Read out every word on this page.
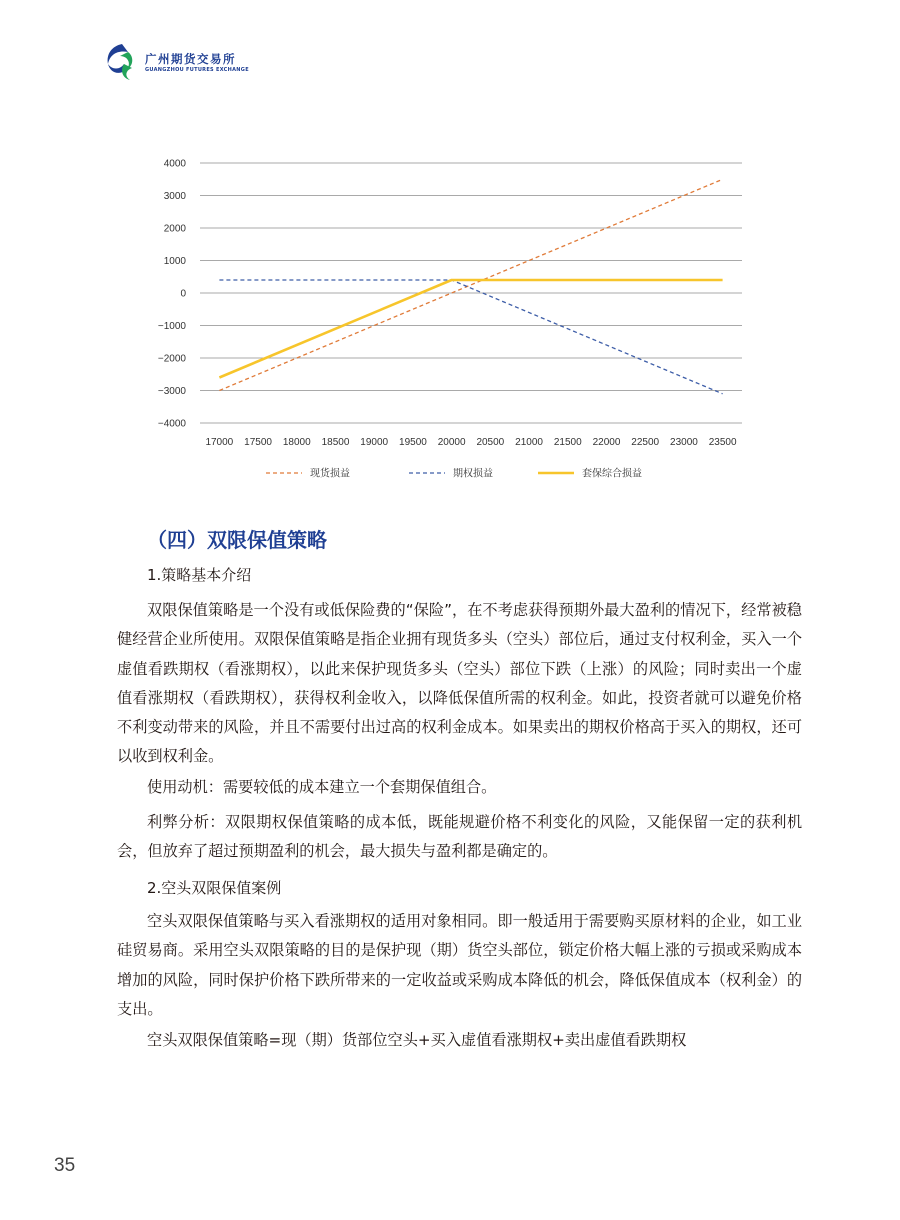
广州期货交易所
GUANGZHOU FUTURES EXCHANGE
4000
3000
2000
1000
0
−1000
−2000
−3000
−4000
17000 17500 18000 18500 19000 19500 20000 20500 21000 21500 22000 22500 23000 23500
现货损益	期权损益	套保综合损益
（四）双限保值策略

1.策略基本介绍

双限保值策略是一个没有或低保险费的“保险”，在不考虑获得预期外最大盈利的情况下，经常被稳健经营企业所使用。双限保值策略是指企业拥有现货多头（空头）部位后，通过支付权利金，买入一个虚值看跌期权（看涨期权），以此来保护现货多头（空头）部位下跌（上涨）的风险；同时卖出一个虚值看涨期权（看跌期权），获得权利金收入，以降低保值所需的权利金。如此，投资者就可以避免价格不利变动带来的风险，并且不需要付出过高的权利金成本。如果卖出的期权价格高于买入的期权，还可以收到权利金。

使用动机：需要较低的成本建立一个套期保值组合。

利弊分析：双限期权保值策略的成本低，既能规避价格不利变化的风险，又能保留一定的获利机会，但放弃了超过预期盈利的机会，最大损失与盈利都是确定的。

2.空头双限保值案例

空头双限保值策略与买入看涨期权的适用对象相同。即一般适用于需要购买原材料的企业，如工业硅贸易商。采用空头双限策略的目的是保护现（期）货空头部位，锁定价格大幅上涨的亏损或采购成本增加的风险，同时保护价格下跌所带来的一定收益或采购成本降低的机会，降低保值成本（权利金）的支出。

空头双限保值策略=现（期）货部位空头+买入虚值看涨期权+卖出虚值看跌期权

35
